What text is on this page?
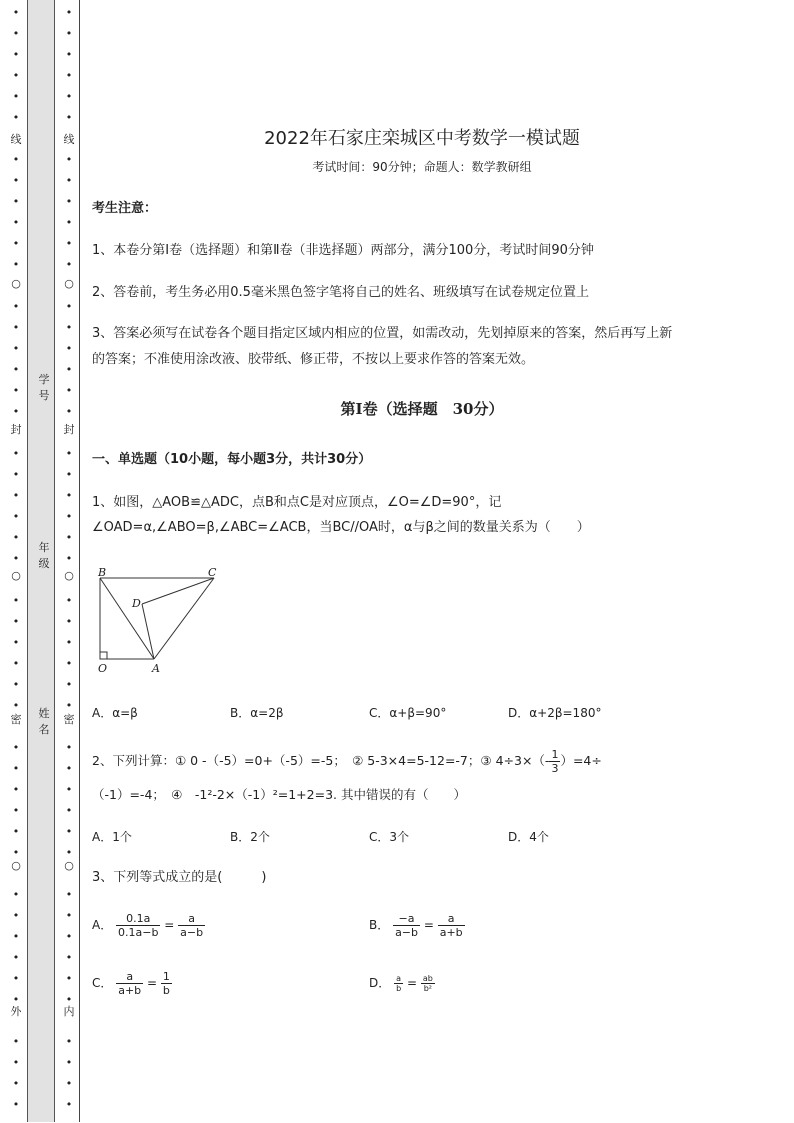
•
•
•
•
•
•
•
•
•
•
•
•
•
•
•
•
•
•
•
•
•
•
•
•
•
•
•
•
•
•
•
•
•
•
•
•
•
•
•
•
•
•
•
•
•
•
线
○
封
○
密
○
外
•
•
•
•
•
•
•
•
•
•
•
•
•
•
•
•
•
•
•
•
•
•
•
•
•
•
•
•
•
•
•
•
•
•
•
•
•
•
•
•
•
•
•
•
•
•
线
○
封
○
密
○
内
学号
年级
姓名
2022年石家庄栾城区中考数学一模试题
考试时间：90分钟；命题人：数学教研组
考生注意：
1、本卷分第I卷（选择题）和第Ⅱ卷（非选择题）两部分，满分100分，考试时间90分钟
2、答卷前，考生务必用0.5毫米黑色签字笔将自己的姓名、班级填写在试卷规定位置上
3、答案必须写在试卷各个题目指定区域内相应的位置，如需改动，先划掉原来的答案，然后再写上新
的答案；不准使用涂改液、胶带纸、修正带，不按以上要求作答的答案无效。
第I卷（选择题　30分）
一、单选题（10小题，每小题3分，共计30分）
1、如图，△AOB≌△ADC，点B和点C是对应顶点，∠O=∠D=90°，记
∠OAD=α,∠ABO=β,∠ABC=∠ACB，当BC//OA时，α与β之间的数量关系为（　　）
B	C
D
O	A
A．α=β	B．α=2β	C．α+β=90°	D．α+2β=180°
2、下列计算：① 0 -（-5）=0+（-5）=-5；　② 5-3×4=5-12=-7；③ $4\div 3\times(- \frac{1}{3} )=4\div$
（-1）=-4；　④　-1²-2×（-1）²=1+2=3. 其中错误的有（　　）
A．1个	B．2个	C．3个	D．4个
3、下列等式成立的是(　　　)
A． $\frac{0.1a}{0.1a-b} = \frac{a}{a-b}$	B． $\frac{-a}{a-b} = \frac{a}{a+b}$
C． $\frac{a}{a+b} = \frac{1}{b}$	D． $\frac{a}{b} = \frac{ab}{\text{b²}}$
